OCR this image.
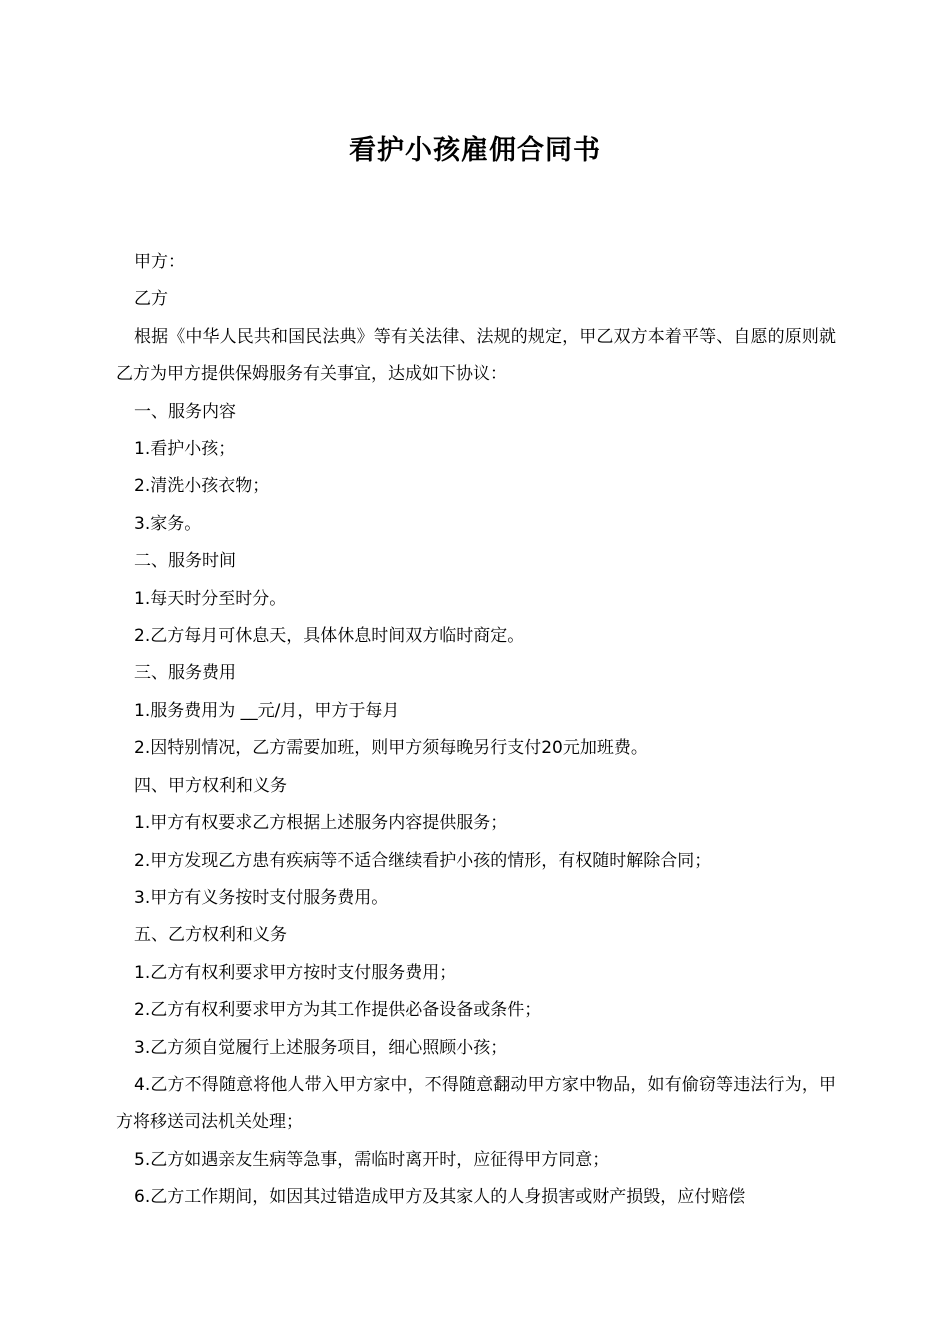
看护小孩雇佣合同书

甲方：

乙方

根据《中华人民共和国民法典》等有关法律、法规的规定，甲乙双方本着平等、自愿的原则就乙方为甲方提供保姆服务有关事宜，达成如下协议：

一、服务内容

1.看护小孩；

2.清洗小孩衣物；

3.家务。

二、服务时间

1.每天时分至时分。

2.乙方每月可休息天，具体休息时间双方临时商定。

三、服务费用

1.服务费用为 __元/月，甲方于每月

2.因特别情况，乙方需要加班，则甲方须每晚另行支付20元加班费。

四、甲方权利和义务

1.甲方有权要求乙方根据上述服务内容提供服务；

2.甲方发现乙方患有疾病等不适合继续看护小孩的情形，有权随时解除合同；

3.甲方有义务按时支付服务费用。

五、乙方权利和义务

1.乙方有权利要求甲方按时支付服务费用；

2.乙方有权利要求甲方为其工作提供必备设备或条件；

3.乙方须自觉履行上述服务项目，细心照顾小孩；

4.乙方不得随意将他人带入甲方家中，不得随意翻动甲方家中物品，如有偷窃等违法行为，甲方将移送司法机关处理；

5.乙方如遇亲友生病等急事，需临时离开时，应征得甲方同意；

6.乙方工作期间，如因其过错造成甲方及其家人的人身损害或财产损毁，应付赔偿
